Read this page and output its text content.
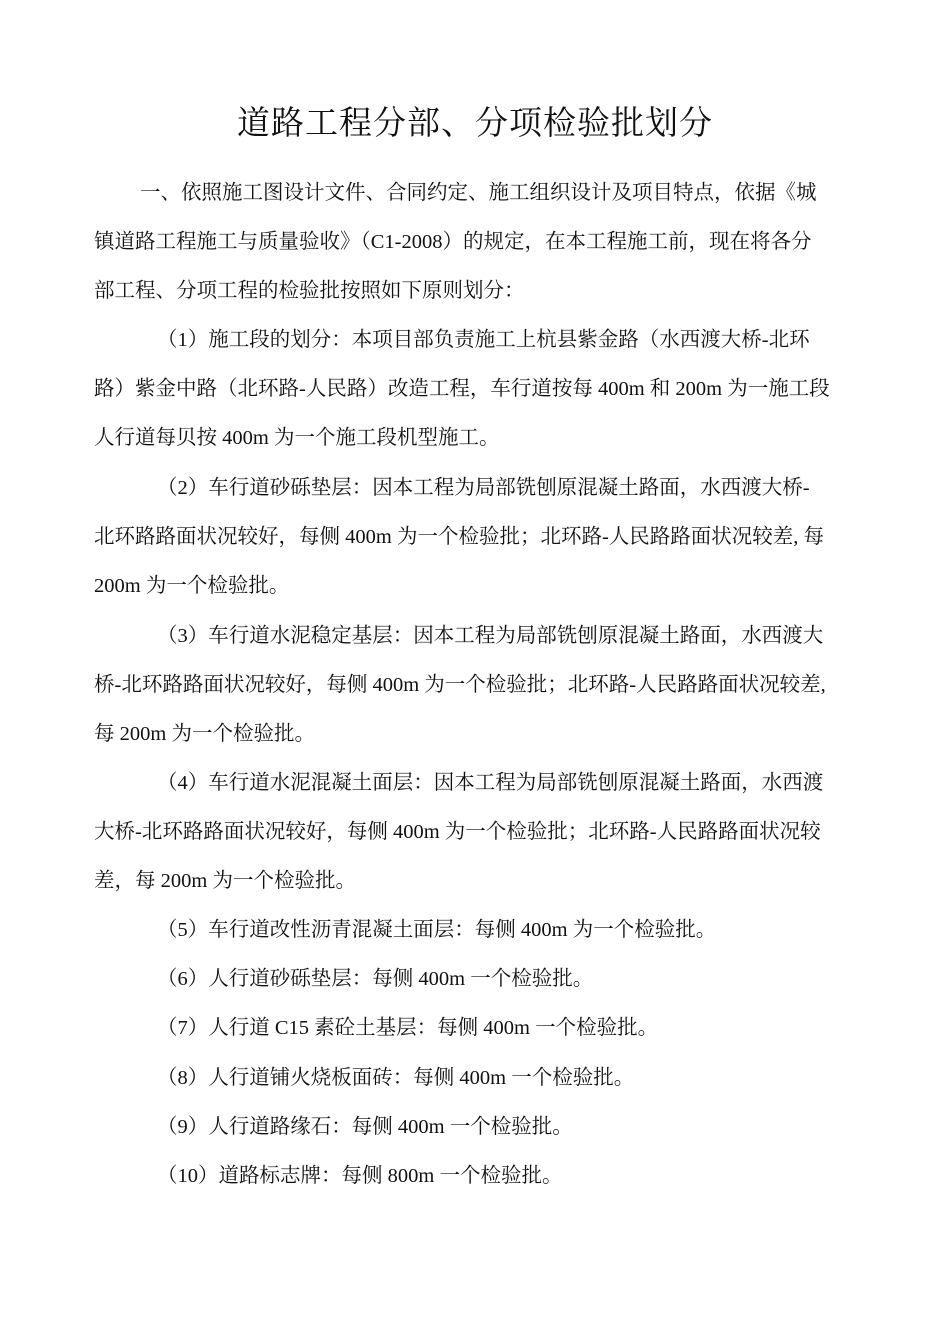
道路工程分部、分项检验批划分
一、依照施工图设计文件、合同约定、施工组织设计及项目特点，依据《城
镇道路工程施工与质量验收》（C1-2008）的规定，在本工程施工前，现在将各分
部工程、分项工程的检验批按照如下原则划分：
（1）施工段的划分：本项目部负责施工上杭县紫金路（水西渡大桥-北环
路）紫金中路（北环路-人民路）改造工程，车行道按每 400m 和 200m 为一施工段
人行道每贝按 400m 为一个施工段机型施工。
（2）车行道砂砾垫层：因本工程为局部铣刨原混凝土路面，水西渡大桥-
北环路路面状况较好，每侧 400m 为一个检验批；北环路-人民路路面状况较差, 每
200m 为一个检验批。
（3）车行道水泥稳定基层：因本工程为局部铣刨原混凝土路面，水西渡大
桥-北环路路面状况较好，每侧 400m 为一个检验批；北环路-人民路路面状况较差,
每 200m 为一个检验批。
（4）车行道水泥混凝土面层：因本工程为局部铣刨原混凝土路面，水西渡
大桥-北环路路面状况较好，每侧 400m 为一个检验批；北环路-人民路路面状况较
差，每 200m 为一个检验批。
（5）车行道改性沥青混凝土面层：每侧 400m 为一个检验批。
（6）人行道砂砾垫层：每侧 400m 一个检验批。
（7）人行道 C15 素砼土基层：每侧 400m 一个检验批。
（8）人行道铺火烧板面砖：每侧 400m 一个检验批。
（9）人行道路缘石：每侧 400m 一个检验批。
（10）道路标志牌：每侧 800m 一个检验批。
